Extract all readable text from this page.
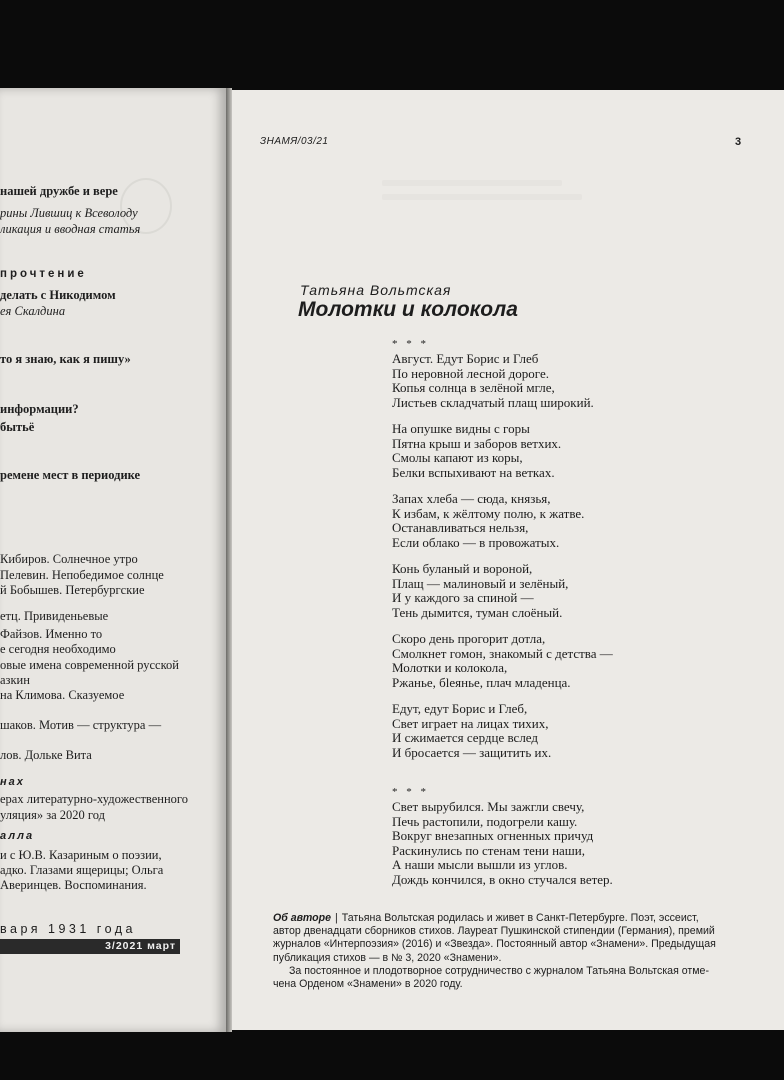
нашей дружбе и вере
рины Лившиц к Всеволоду
ликация и вводная статья
прочтение
делать с Никодимом
ея Скалдина
то я знаю, как я пишу»
информации?
бытьё
ремене мест в периодике
Кибиров. Солнечное утро
Пелевин. Непобедимое солнце
й Бобышев. Петербургские
етц. Привиденьевые
Файзов. Именно то
е сегодня необходимо
овые имена современной русской
азкин
на Климова. Сказуемое
шаков. Мотив — структура —
лов. Дольке Вита
нах
ерах литературно-художественного
уляция» за 2020 год
алла
и с Ю.В. Казариным о поэзии,
адко. Глазами ящерицы; Ольга
Аверинцев. Воспоминания.
варя 1931 года
3/2021 март
ЗНАМЯ/03/21	3
Татьяна Вольтская
Молотки и колокола
* * *
Август. Едут Борис и Глеб
По неровной лесной дороге.
Копья солнца в зелёной мгле,
Листьев складчатый плащ широкий.
На опушке видны с горы
Пятна крыш и заборов ветхих.
Смолы капают из коры,
Белки вспыхивают на ветках.
Запах хлеба — сюда, князья,
К избам, к жёлтому полю, к жатве.
Останавливаться нельзя,
Если облако — в провожатых.
Конь буланый и вороной,
Плащ — малиновый и зелёный,
И у каждого за спиной —
Тень дымится, туман слоёный.
Скоро день прогорит дотла,
Смолкнет гомон, знакомый с детства —
Молотки и колокола,
Ржанье, бleянье, плач младенца.
Едут, едут Борис и Глеб,
Свет играет на лицах тихих,
И сжимается сердце вслед
И бросается — защитить их.
* * *
Свет вырубился. Мы зажгли свечу,
Печь растопили, подогрели кашу.
Вокруг внезапных огненных причуд
Раскинулись по стенам тени наши,
А наши мысли вышли из углов.
Дождь кончился, в окно стучался ветер.
Об авторе | Татьяна Вольтская родилась и живет в Санкт-Петербурге. Поэт, эссеист,
автор двенадцати сборников стихов. Лауреат Пушкинской стипендии (Германия), премий
журналов «Интерпоэзия» (2016) и «Звезда». Постоянный автор «Знамени». Предыдущая
публикация стихов — в № 3, 2020 «Знамени».
За постоянное и плодотворное сотрудничество с журналом Татьяна Вольтская отме-
чена Орденом «Знамени» в 2020 году.
